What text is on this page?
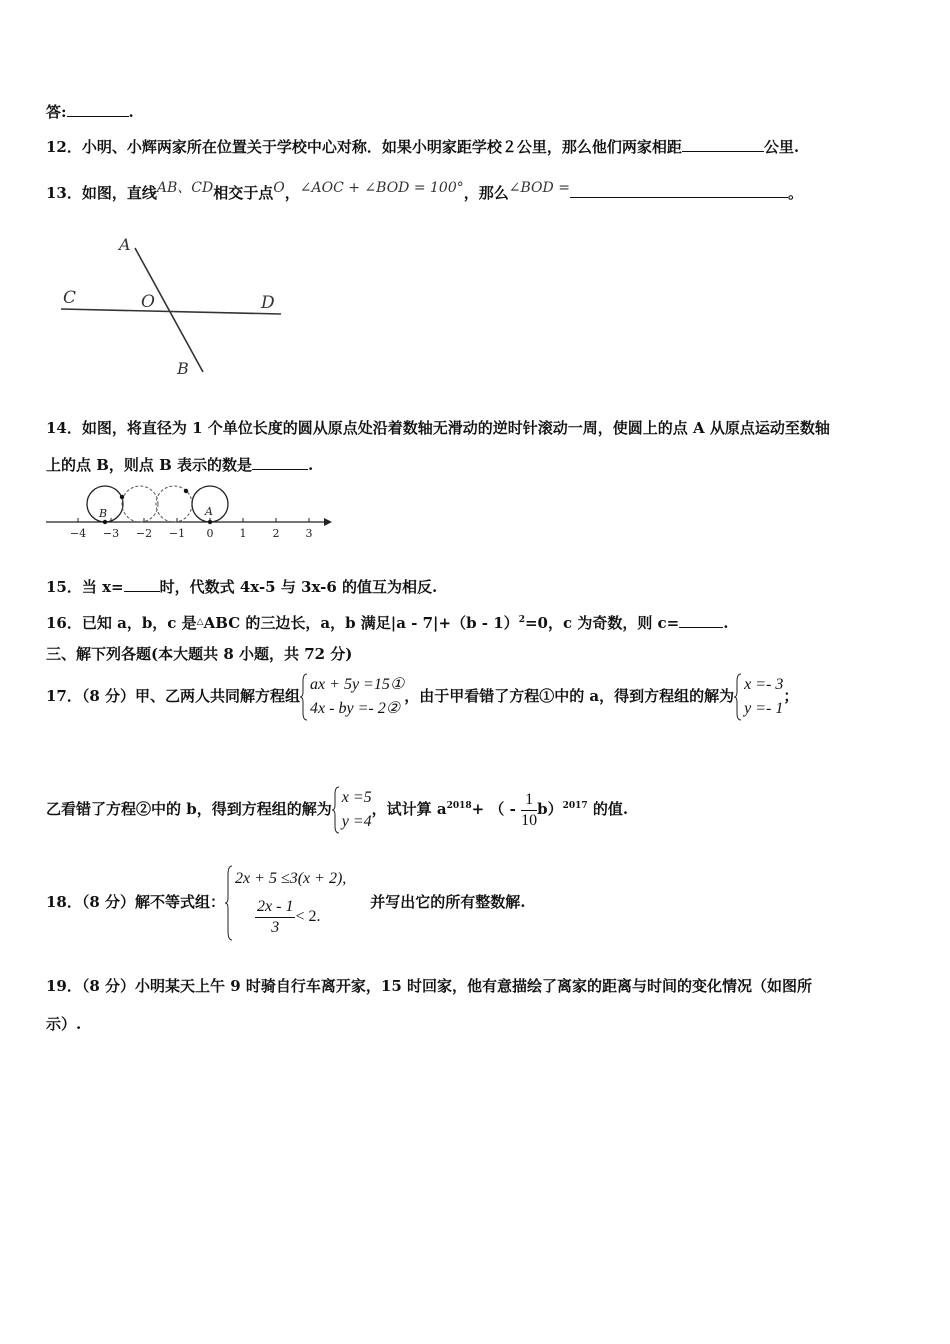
答:	.
12．小明、小辉两家所在位置关于学校中心对称．如果小明家距学校２公里，那么他们两家相距	公里.
13．如图，直线AB、CD相交于点O，∠AOC + ∠BOD = 100°，那么∠BOD =	。
A
C	O	D
B
14．如图，将直径为 1 个单位长度的圆从原点处沿着数轴无滑动的逆时针滚动一周，使圆上的点 A 从原点运动至数轴
上的点 B，则点 B 表示的数是	.
B	A
−4 −3 −2 −1 0 1 2 3
15．当 x= 时，代数式 4x-5 与 3x-6 的值互为相反.
16．已知 a，b，c 是△ABC 的三边长，a，b 满足|a - 7|+（b - 1）$^2$=0，c 为奇数，则 c=	.
三、解下列各题(本大题共 8 小题，共 72 分)
17．（8 分）甲、乙两人共同解方程组
ax + 5y =15①
4x - by =- 2②
，由于甲看错了方程①中的 a，得到方程组的解为
x =- 3
y =- 1
；
乙看错了方程②中的 b，得到方程组的解为
x =5
y =4
，试计算 $a^{2018}+$ （ - $\frac{1}{10} b)^{2017}$ 的值.
18．（8 分）解不等式组：
2x + 5 ≤3(x + 2),
$\frac{2x - 1}{3} < 2$.
并写出它的所有整数解.
19．（8 分）小明某天上午 9 时骑自行车离开家，15 时回家，他有意描绘了离家的距离与时间的变化情况（如图所
示）.
